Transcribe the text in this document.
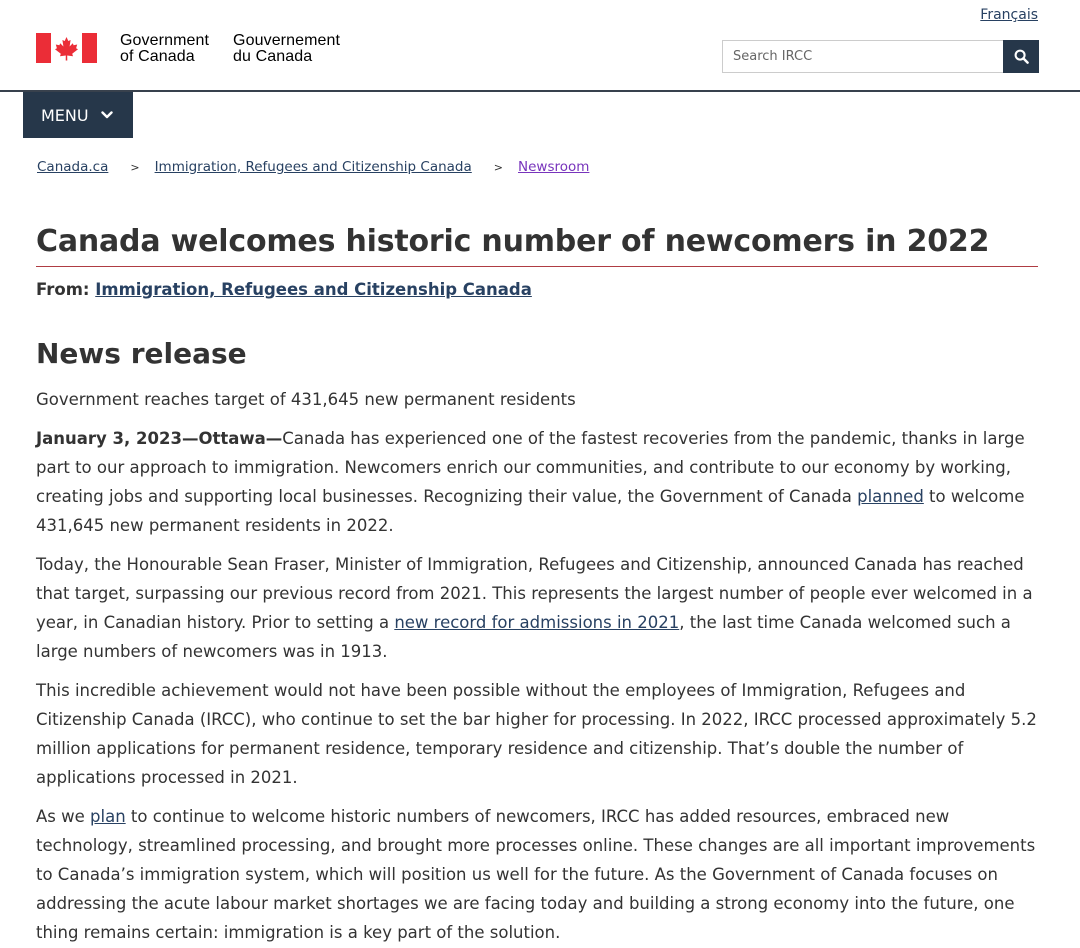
Français
Government
of Canada
Gouvernement
du Canada
Search IRCC
MENU
Canada.ca > Immigration, Refugees and Citizenship Canada > Newsroom
Canada welcomes historic number of newcomers in 2022
From: Immigration, Refugees and Citizenship Canada
News release

Government reaches target of 431,645 new permanent residents

January 3, 2023—Ottawa—Canada has experienced one of the fastest recoveries from the pandemic, thanks in large part to our approach to immigration. Newcomers enrich our communities, and contribute to our economy by working, creating jobs and supporting local businesses. Recognizing their value, the Government of Canada planned to welcome 431,645 new permanent residents in 2022.

Today, the Honourable Sean Fraser, Minister of Immigration, Refugees and Citizenship, announced Canada has reached that target, surpassing our previous record from 2021. This represents the largest number of people ever welcomed in a year, in Canadian history. Prior to setting a new record for admissions in 2021, the last time Canada welcomed such a large numbers of newcomers was in 1913.

This incredible achievement would not have been possible without the employees of Immigration, Refugees and Citizenship Canada (IRCC), who continue to set the bar higher for processing. In 2022, IRCC processed approximately 5.2 million applications for permanent residence, temporary residence and citizenship. That’s double the number of applications processed in 2021.

As we plan to continue to welcome historic numbers of newcomers, IRCC has added resources, embraced new technology, streamlined processing, and brought more processes online. These changes are all important improvements to Canada’s immigration system, which will position us well for the future. As the Government of Canada focuses on addressing the acute labour market shortages we are facing today and building a strong economy into the future, one thing remains certain: immigration is a key part of the solution.
